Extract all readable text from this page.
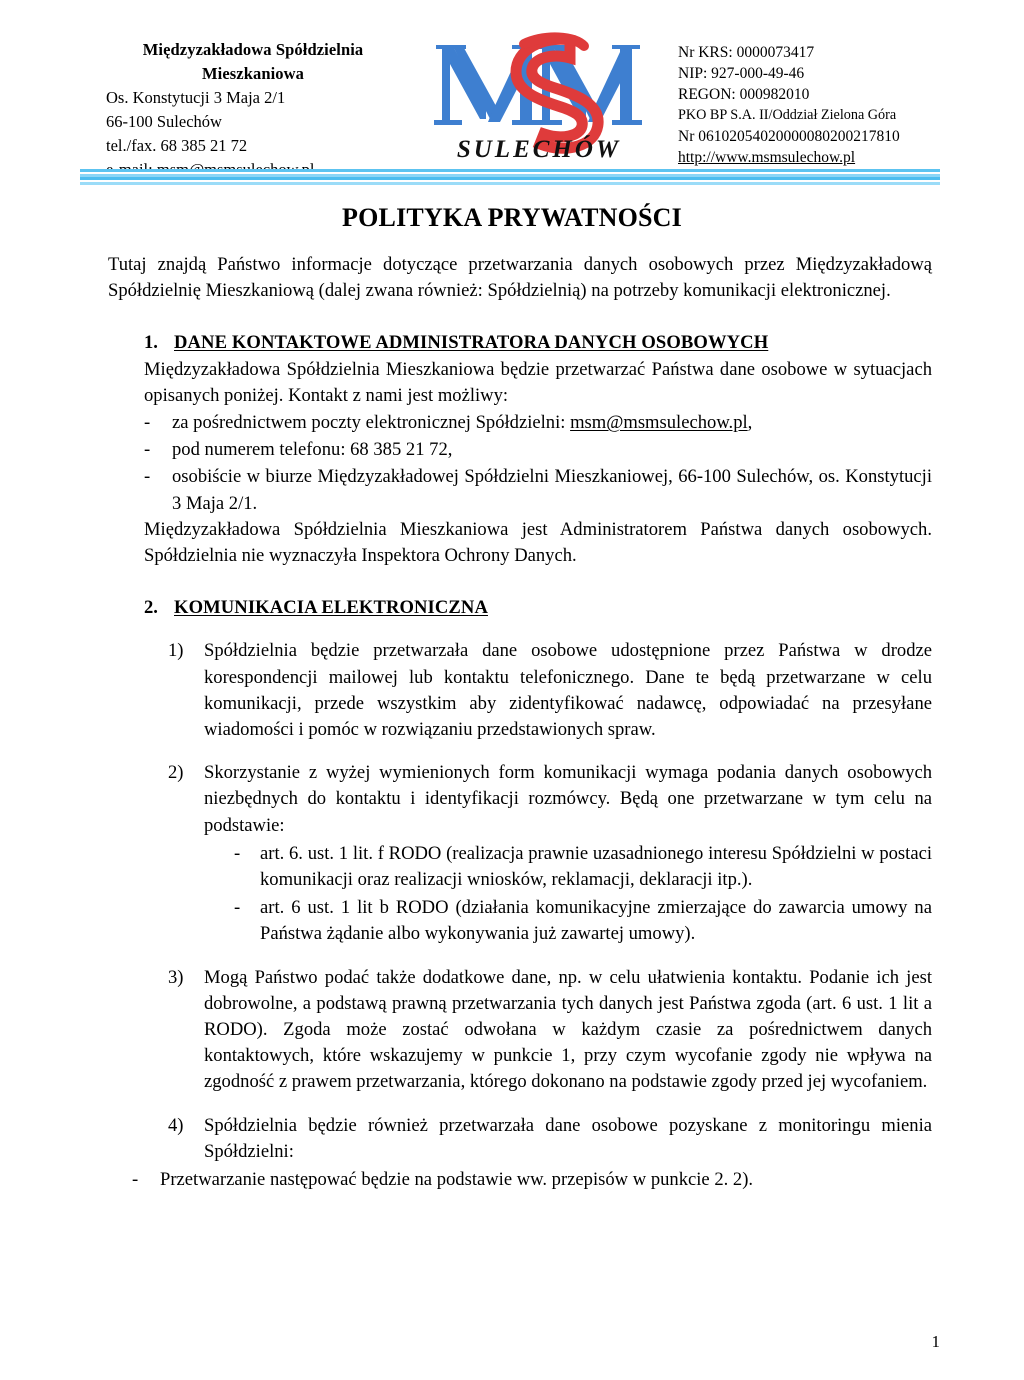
Międzyzakładowa Spółdzielnia
Mieszkaniowa
Os. Konstytucji 3 Maja 2/1
66-100 Sulechów
tel./fax. 68 385 21 72	SULECHÓW
Nr KRS: 0000073417
NIP: 927-000-49-46
REGON: 000982010
PKO BP S.A. II/Oddział Zielona Góra
Nr 06102054020000080200217810
http://www.msmsulechow.pl
POLITYKA PRYWATNOŚCI

Tutaj znajdą Państwo informacje dotyczące przetwarzania danych osobowych przez Międzyzakładową Spółdzielnię Mieszkaniową (dalej zwana również: Spółdzielnią) na potrzeby komunikacji elektronicznej.

1. DANE KONTAKTOWE ADMINISTRATORA DANYCH OSOBOWYCH

Międzyzakładowa Spółdzielnia Mieszkaniowa będzie przetwarzać Państwa dane osobowe w sytuacjach opisanych poniżej. Kontakt z nami jest możliwy:

-	za pośrednictwem poczty elektronicznej Spółdzielni: msm@msmsulechow.pl,
-	pod numerem telefonu: 68 385 21 72,
-	osobiście w biurze Międzyzakładowej Spółdzielni Mieszkaniowej, 66-100 Sulechów, os. Konstytucji 3 Maja 2/1.

Międzyzakładowa Spółdzielnia Mieszkaniowa jest Administratorem Państwa danych osobowych. Spółdzielnia nie wyznaczyła Inspektora Ochrony Danych.

2. KOMUNIKACIA ELEKTRONICZNA
1)	Spółdzielnia będzie przetwarzała dane osobowe udostępnione przez Państwa w drodze korespondencji mailowej lub kontaktu telefonicznego. Dane te będą przetwarzane w celu komunikacji, przede wszystkim aby zidentyfikować nadawcę, odpowiadać na przesyłane wiadomości i pomóc w rozwiązaniu przedstawionych spraw.
2)	Skorzystanie z wyżej wymienionych form komunikacji wymaga podania danych osobowych niezbędnych do kontaktu i identyfikacji rozmówcy. Będą one przetwarzane w tym celu na podstawie:
-	art. 6. ust. 1 lit. f RODO (realizacja prawnie uzasadnionego interesu Spółdzielni w postaci komunikacji oraz realizacji wniosków, reklamacji, deklaracji itp.).
-	art. 6 ust. 1 lit b RODO (działania komunikacyjne zmierzające do zawarcia umowy na Państwa żądanie albo wykonywania już zawartej umowy).
3)	Mogą Państwo podać także dodatkowe dane, np. w celu ułatwienia kontaktu. Podanie ich jest dobrowolne, a podstawą prawną przetwarzania tych danych jest Państwa zgoda (art. 6 ust. 1 lit a RODO). Zgoda może zostać odwołana w każdym czasie za pośrednictwem danych kontaktowych, które wskazujemy w punkcie 1, przy czym wycofanie zgody nie wpływa na zgodność z prawem przetwarzania, którego dokonano na podstawie zgody przed jej wycofaniem.
4)	Spółdzielnia będzie również przetwarzała dane osobowe pozyskane z monitoringu mienia Spółdzielni:
-	Przetwarzanie następować będzie na podstawie ww. przepisów w punkcie 2. 2).
1
